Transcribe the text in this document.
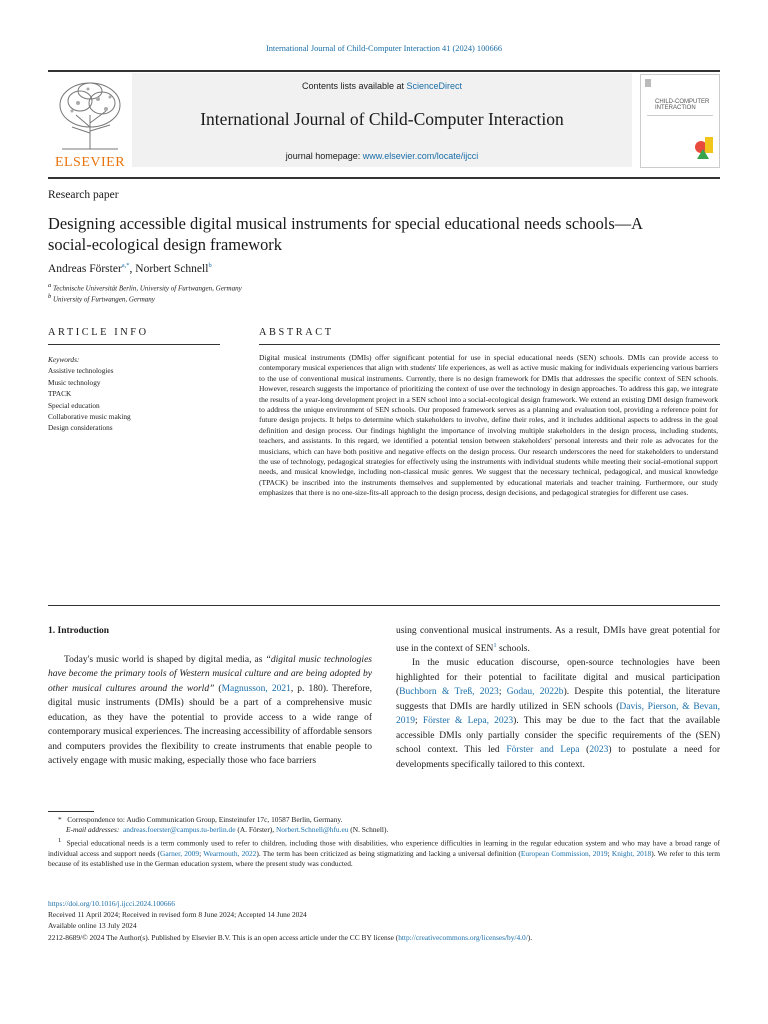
International Journal of Child-Computer Interaction 41 (2024) 100666
ELSEVIER
Contents lists available at ScienceDirect
International Journal of Child-Computer Interaction
journal homepage: www.elsevier.com/locate/ijcci
CHILD-COMPUTER
INTERACTION
Research paper
Designing accessible digital musical instruments for special educational needs schools—A social-ecological design framework
Andreas Förster$^{a,*}$, Norbert Schnell$^b$
a Technische Universität Berlin, University of Furtwangen, Germany
b University of Furtwangen, Germany
ARTICLE INFO	ABSTRACT
Keywords:
Assistive technologies
Music technology
TPACK
Special education
Collaborative music making
Design considerations
Digital musical instruments (DMIs) offer significant potential for use in special educational needs (SEN) schools. DMIs can provide access to contemporary musical experiences that align with students' life experiences, as well as active music making for individuals experiencing various barriers to the use of conventional musical instruments. Currently, there is no design framework for DMIs that addresses the specific context of SEN schools. However, research suggests the importance of prioritizing the context of use over the technology in design approaches. To address this gap, we integrate the results of a year-long development project in a SEN school into a social-ecological design framework. We extend an existing DMI design framework to address the unique environment of SEN schools. Our proposed framework serves as a planning and evaluation tool, providing a reference point for future design projects. It helps to determine which stakeholders to involve, define their roles, and it includes additional aspects to address in the goal definition and design process. Our findings highlight the importance of involving multiple stakeholders in the design process, including students, teachers, and assistants. In this regard, we identified a potential tension between stakeholders' personal interests and their role as advocates for the musicians, which can have both positive and negative effects on the design process. Our research underscores the need for stakeholders to understand the use of technology, pedagogical strategies for effectively using the instruments with individual students while meeting their social-emotional support needs, and musical knowledge, including non-classical music genres. We suggest that the necessary technical, pedagogical, and musical knowledge (TPACK) be inscribed into the instruments themselves and supplemented by educational materials and teacher training. Furthermore, our study emphasizes that there is no one-size-fits-all approach to the design process, design decisions, and pedagogical strategies for different use cases.
1. Introduction

Today's music world is shaped by digital media, as “digital music technologies have become the primary tools of Western musical culture and are being adopted by other musical cultures around the world” (Magnusson, 2021, p. 180). Therefore, digital music instruments (DMIs) should be a part of a comprehensive music education, as they have the potential to provide access to a wide range of contemporary musical experiences. The increasing accessibility of affordable sensors and computers provides the flexibility to create instruments that enable people to actively engage with music making, especially those who face barriers

using conventional musical instruments. As a result, DMIs have great potential for use in the context of SEN$^1$ schools.

In the music education discourse, open-source technologies have been highlighted for their potential to facilitate digital and musical participation (Buchborn & Treß, 2023; Godau, 2022b). Despite this potential, the literature suggests that DMIs are hardly utilized in SEN schools (Davis, Pierson, & Bevan, 2019; Förster & Lepa, 2023). This may be due to the fact that the available accessible DMIs only partially consider the specific requirements of the (SEN) school context. This led Förster and Lepa (2023) to postulate a need for developments specifically tailored to this context.

* Correspondence to: Audio Communication Group, Einsteinufer 17c, 10587 Berlin, Germany.
E-mail addresses: andreas.foerster@campus.tu-berlin.de (A. Förster), Norbert.Schnell@hfu.eu (N. Schnell).
1 Special educational needs is a term commonly used to refer to children, including those with disabilities, who experience difficulties in learning in the regular education system and who may have a broad range of individual access and support needs (Garner, 2009; Wearmouth, 2022). The term has been criticized as being stigmatizing and lacking a universal definition (European Commission, 2019; Knight, 2018). We refer to this term because of its established use in the German education system, where the present study was conducted.
https://doi.org/10.1016/j.ijcci.2024.100666
Received 11 April 2024; Received in revised form 8 June 2024; Accepted 14 June 2024
Available online 13 July 2024
2212-8689/© 2024 The Author(s). Published by Elsevier B.V. This is an open access article under the CC BY license (http://creativecommons.org/licenses/by/4.0/).
